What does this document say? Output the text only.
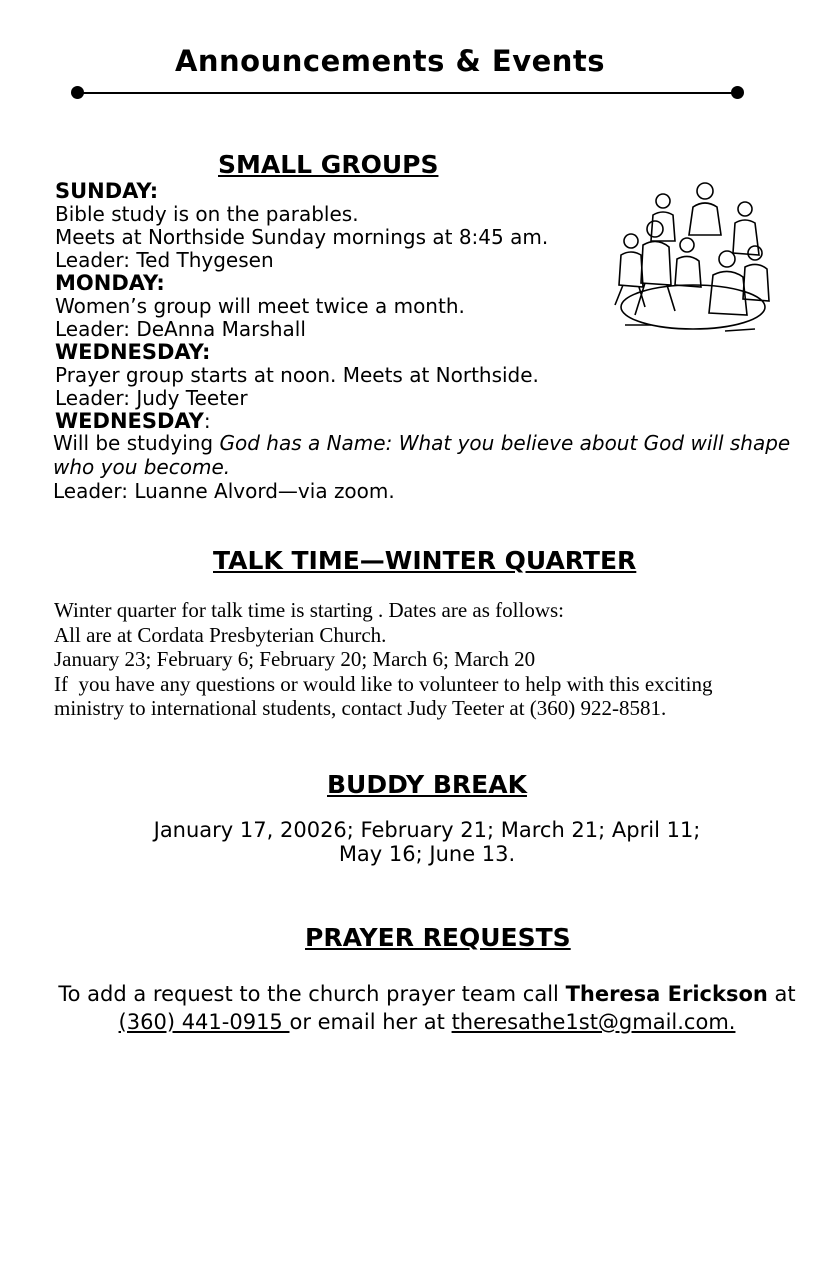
Announcements & Events
SMALL GROUPS
SUNDAY:
Bible study is on the parables.
Meets at Northside Sunday mornings at 8:45 am.
Leader: Ted Thygesen
MONDAY:
Women’s group will meet twice a month.
Leader: DeAnna Marshall
WEDNESDAY:
Prayer group starts at noon. Meets at Northside.
Leader: Judy Teeter
WEDNESDAY:
Will be studying God has a Name: What you believe about God will shape
who you become.
Leader: Luanne Alvord—via zoom.
TALK TIME—WINTER QUARTER
Winter quarter for talk time is starting . Dates are as follows:
All are at Cordata Presbyterian Church.
January 23; February 6; February 20; March 6; March 20
If  you have any questions or would like to volunteer to help with this exciting
ministry to international students, contact Judy Teeter at (360) 922-8581.
BUDDY BREAK
January 17, 20026; February 21; March 21; April 11;
May 16; June 13.
PRAYER REQUESTS
To add a request to the church prayer team call Theresa Erickson at
(360) 441-0915 or email her at theresathe1st@gmail.com.
